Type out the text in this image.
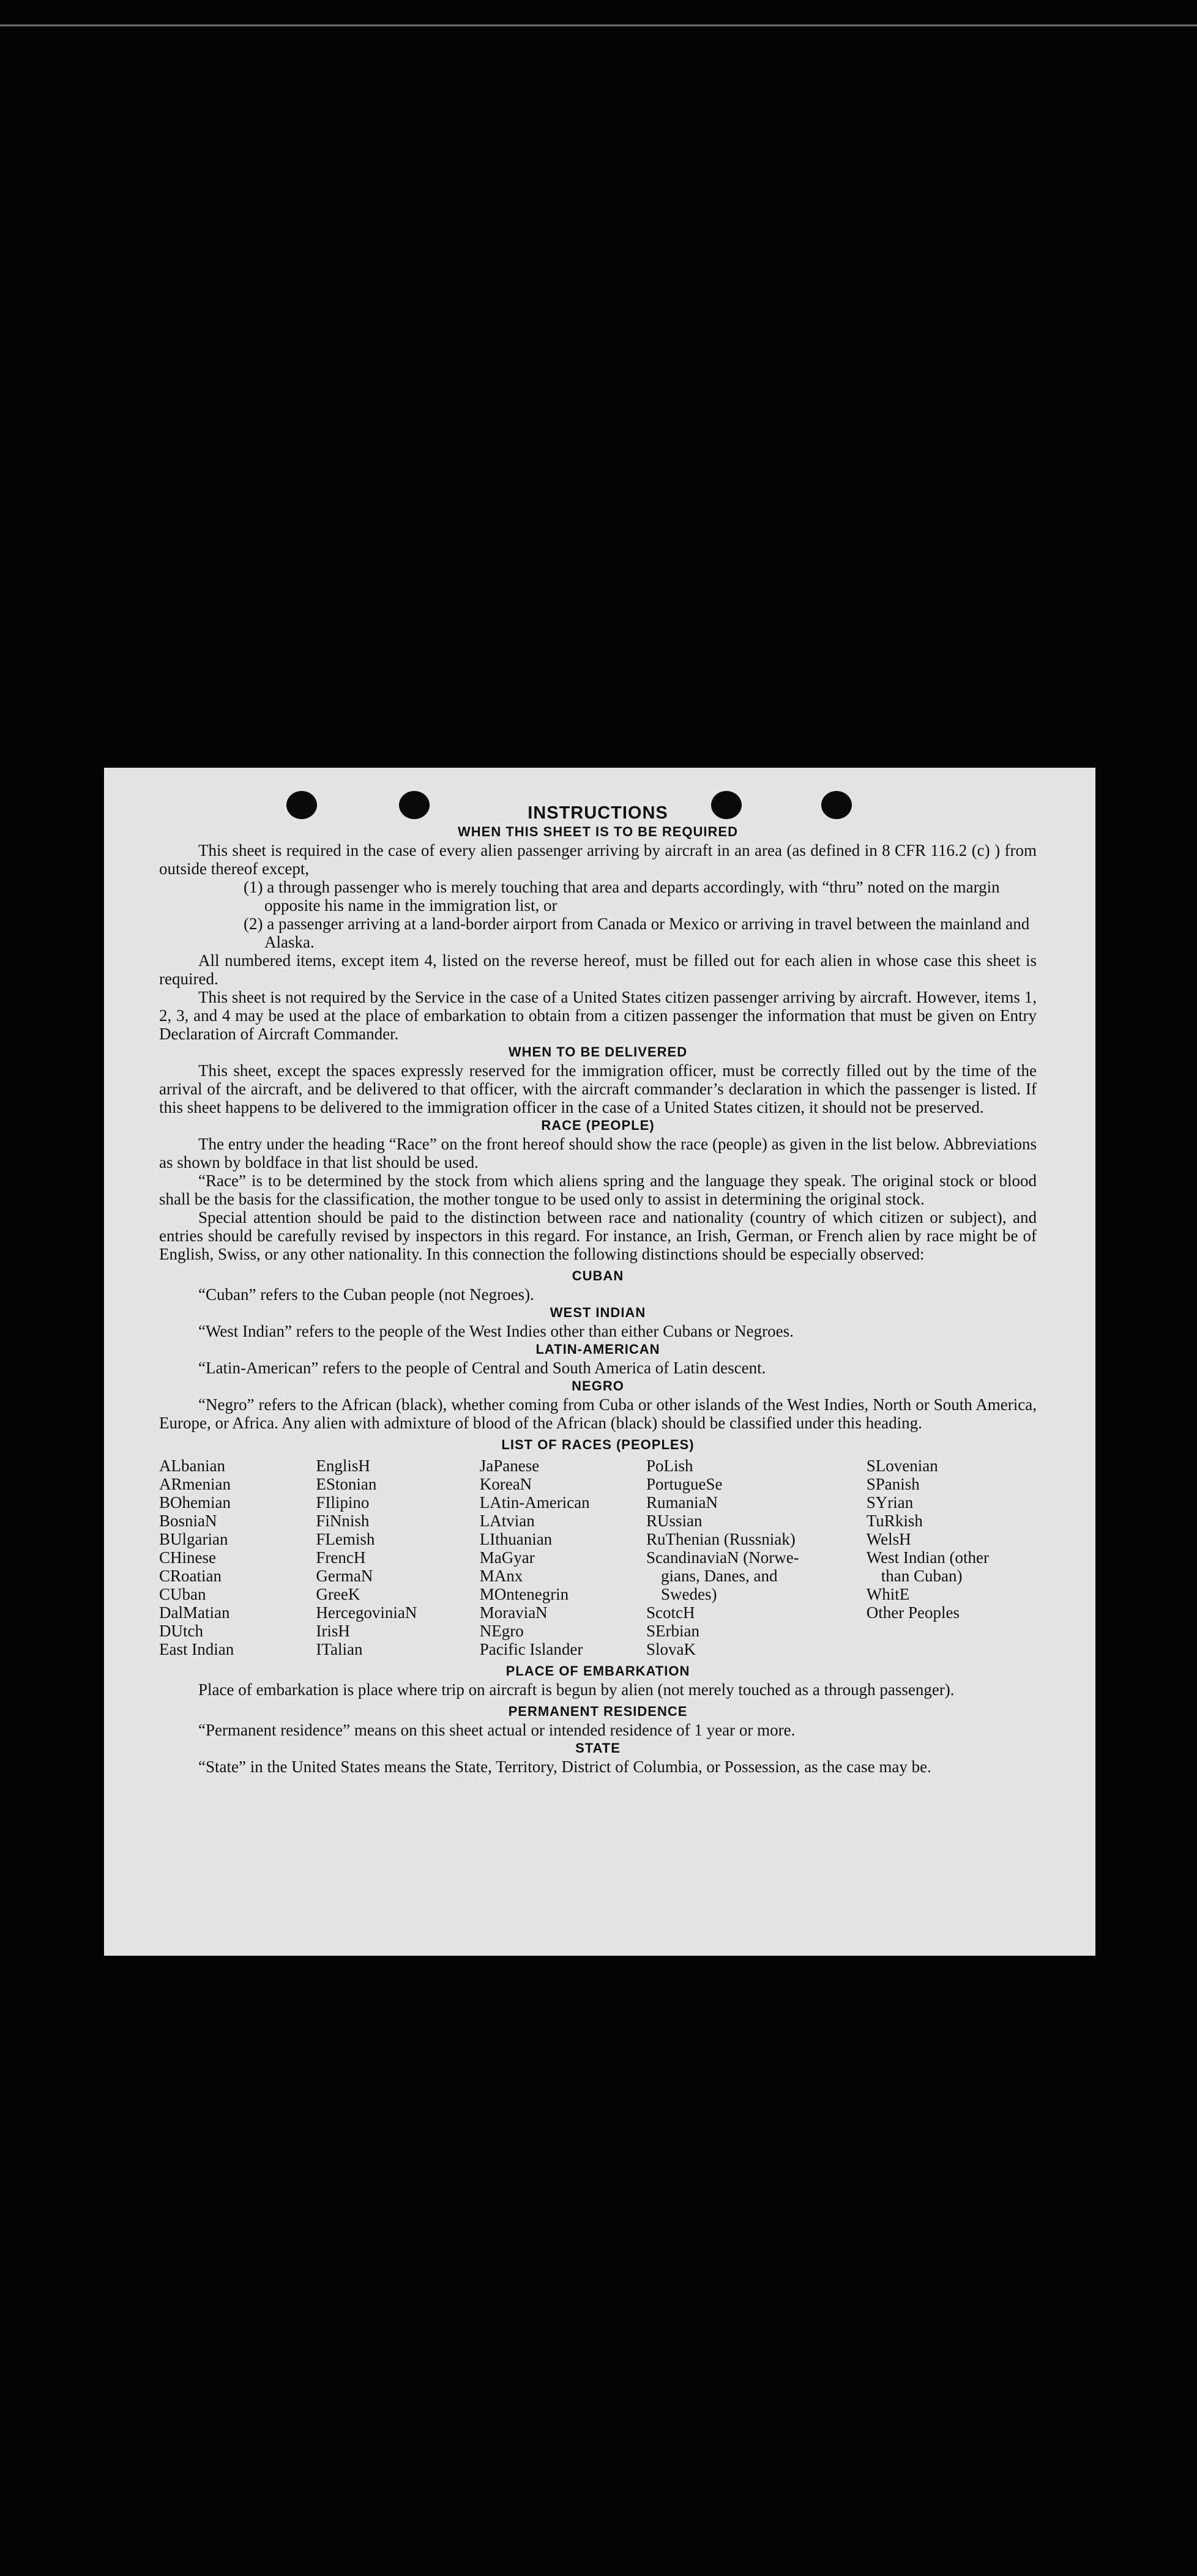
INSTRUCTIONS
WHEN THIS SHEET IS TO BE REQUIRED
This sheet is required in the case of every alien passenger arriving by aircraft in an area (as defined in 8 CFR 116.2 (c) ) from outside thereof except,
(1) a through passenger who is merely touching that area and departs accordingly, with “thru” noted on the margin opposite his name in the immigration list, or
(2) a passenger arriving at a land-border airport from Canada or Mexico or arriving in travel between the mainland and Alaska.
All numbered items, except item 4, listed on the reverse hereof, must be filled out for each alien in whose case this sheet is required.
This sheet is not required by the Service in the case of a United States citizen passenger arriving by aircraft. However, items 1, 2, 3, and 4 may be used at the place of embarkation to obtain from a citizen passenger the information that must be given on Entry Declaration of Aircraft Commander.
WHEN TO BE DELIVERED
This sheet, except the spaces expressly reserved for the immigration officer, must be correctly filled out by the time of the arrival of the aircraft, and be delivered to that officer, with the aircraft commander’s declaration in which the passenger is listed. If this sheet happens to be delivered to the immigration officer in the case of a United States citizen, it should not be preserved.
RACE (PEOPLE)
The entry under the heading “Race” on the front hereof should show the race (people) as given in the list below. Abbreviations as shown by boldface in that list should be used.
“Race” is to be determined by the stock from which aliens spring and the language they speak. The original stock or blood shall be the basis for the classification, the mother tongue to be used only to assist in determining the original stock.
Special attention should be paid to the distinction between race and nationality (country of which citizen or subject), and entries should be carefully revised by inspectors in this regard. For instance, an Irish, German, or French alien by race might be of English, Swiss, or any other nationality. In this connection the following distinctions should be especially observed:
CUBAN
“Cuban” refers to the Cuban people (not Negroes).
WEST INDIAN
“West Indian” refers to the people of the West Indies other than either Cubans or Negroes.
LATIN-AMERICAN
“Latin-American” refers to the people of Central and South America of Latin descent.
NEGRO
“Negro” refers to the African (black), whether coming from Cuba or other islands of the West Indies, North or South America, Europe, or Africa. Any alien with admixture of blood of the African (black) should be classified under this heading.
LIST OF RACES (PEOPLES)
ALbanian
ARmenian
BOhemian
BosniaN
BUlgarian
CHinese
CRoatian
CUban
DalMatian
DUtch
East Indian
EnglisH
EStonian
FIlipino
FiNnish
FLemish
FrencH
GermaN
GreeK
HercegoviniaN
IrisH
ITalian
JaPanese
KoreaN
LAtin-American
LAtvian
LIthuanian
MaGyar
MAnx
MOntenegrin
MoraviaN
NEgro
Pacific Islander
PoLish
PortugueSe
RumaniaN
RUssian
RuThenian (Russniak)
ScandinaviaN (Norwe-
gians, Danes, and
Swedes)
ScotcH
SErbian
SlovaK
SLovenian
SPanish
SYrian
TuRkish
WelsH
West Indian (other
than Cuban)
WhitE
Other Peoples
PLACE OF EMBARKATION
Place of embarkation is place where trip on aircraft is begun by alien (not merely touched as a through passenger).
PERMANENT RESIDENCE
“Permanent residence” means on this sheet actual or intended residence of 1 year or more.
STATE
“State” in the United States means the State, Territory, District of Columbia, or Possession, as the case may be.
